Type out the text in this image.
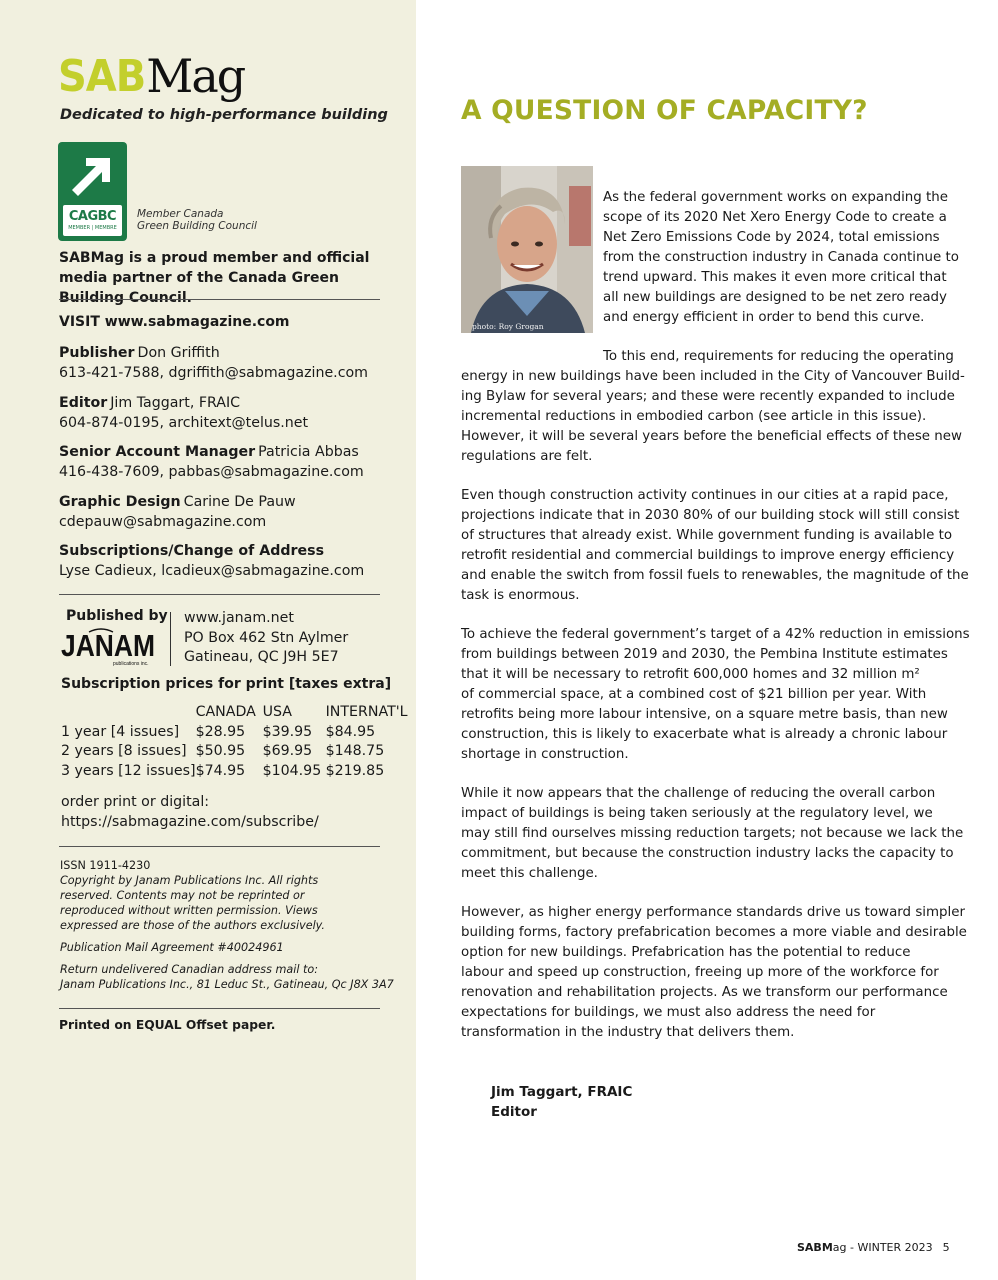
SABMag
Dedicated to high-performance building
CAGBC
MEMBER | MEMBRE
Member Canada
Green Building Council
SABMag is a proud member and official media partner of the Canada Green Building Council.
VISIT www.sabmagazine.com
Publisher Don Griffith
613-421-7588, dgriffith@sabmagazine.com
Editor Jim Taggart, FRAIC
604-874-0195, architext@telus.net
Senior Account Manager Patricia Abbas
416-438-7609, pabbas@sabmagazine.com
Graphic Design Carine De Pauw
cdepauw@sabmagazine.com
Subscriptions/Change of Address
Lyse Cadieux, lcadieux@sabmagazine.com
Published by
JANAM
publications inc.
www.janam.net
PO Box 462 Stn Aylmer
Gatineau, QC J9H 5E7
Subscription prices for print [taxes extra]
	CANADA	USA	INTERNAT'L
1 year [4 issues]	$28.95	$39.95	$84.95
2 years [8 issues]	$50.95	$69.95	$148.75
3 years [12 issues]	$74.95	$104.95	$219.85
order print or digital:
https://sabmagazine.com/subscribe/
ISSN 1911-4230
Copyright by Janam Publications Inc. All rights reserved. Contents may not be reprinted or reproduced without written permission. Views expressed are those of the authors exclusively.
Publication Mail Agreement #40024961
Return undelivered Canadian address mail to:
Janam Publications Inc., 81 Leduc St., Gatineau, Qc J8X 3A7
Printed on EQUAL Offset paper.
A QUESTION OF CAPACITY?
photo: Roy Grogan
As the federal government works on expanding the
scope of its 2020 Net Xero Energy Code to create a
Net Zero Emissions Code by 2024, total emissions
from the construction industry in Canada continue to
trend upward. This makes it even more critical that
all new buildings are designed to be net zero ready
and energy efficient in order to bend this curve.
To this end, requirements for reducing the operating
energy in new buildings have been included in the City of Vancouver Build-
ing Bylaw for several years; and these were recently expanded to include
incremental reductions in embodied carbon (see article in this issue).
However, it will be several years before the beneficial effects of these new
regulations are felt.
Even though construction activity continues in our cities at a rapid pace,
projections indicate that in 2030 80% of our building stock will still consist
of structures that already exist. While government funding is available to
retrofit residential and commercial buildings to improve energy efficiency
and enable the switch from fossil fuels to renewables, the magnitude of the
task is enormous.
To achieve the federal government’s target of a 42% reduction in emissions
from buildings between 2019 and 2030, the Pembina Institute estimates
that it will be necessary to retrofit 600,000 homes and 32 million m²
of commercial space, at a combined cost of $21 billion per year. With
retrofits being more labour intensive, on a square metre basis, than new
construction, this is likely to exacerbate what is already a chronic labour
shortage in construction.
While it now appears that the challenge of reducing the overall carbon
impact of buildings is being taken seriously at the regulatory level, we
may still find ourselves missing reduction targets; not because we lack the
commitment, but because the construction industry lacks the capacity to
meet this challenge.
However, as higher energy performance standards drive us toward simpler
building forms, factory prefabrication becomes a more viable and desirable
option for new buildings. Prefabrication has the potential to reduce
labour and speed up construction, freeing up more of the workforce for
renovation and rehabilitation projects. As we transform our performance
expectations for buildings, we must also address the need for
transformation in the industry that delivers them.
Jim Taggart, FRAIC
Editor
SABMag - WINTER 2023 5
